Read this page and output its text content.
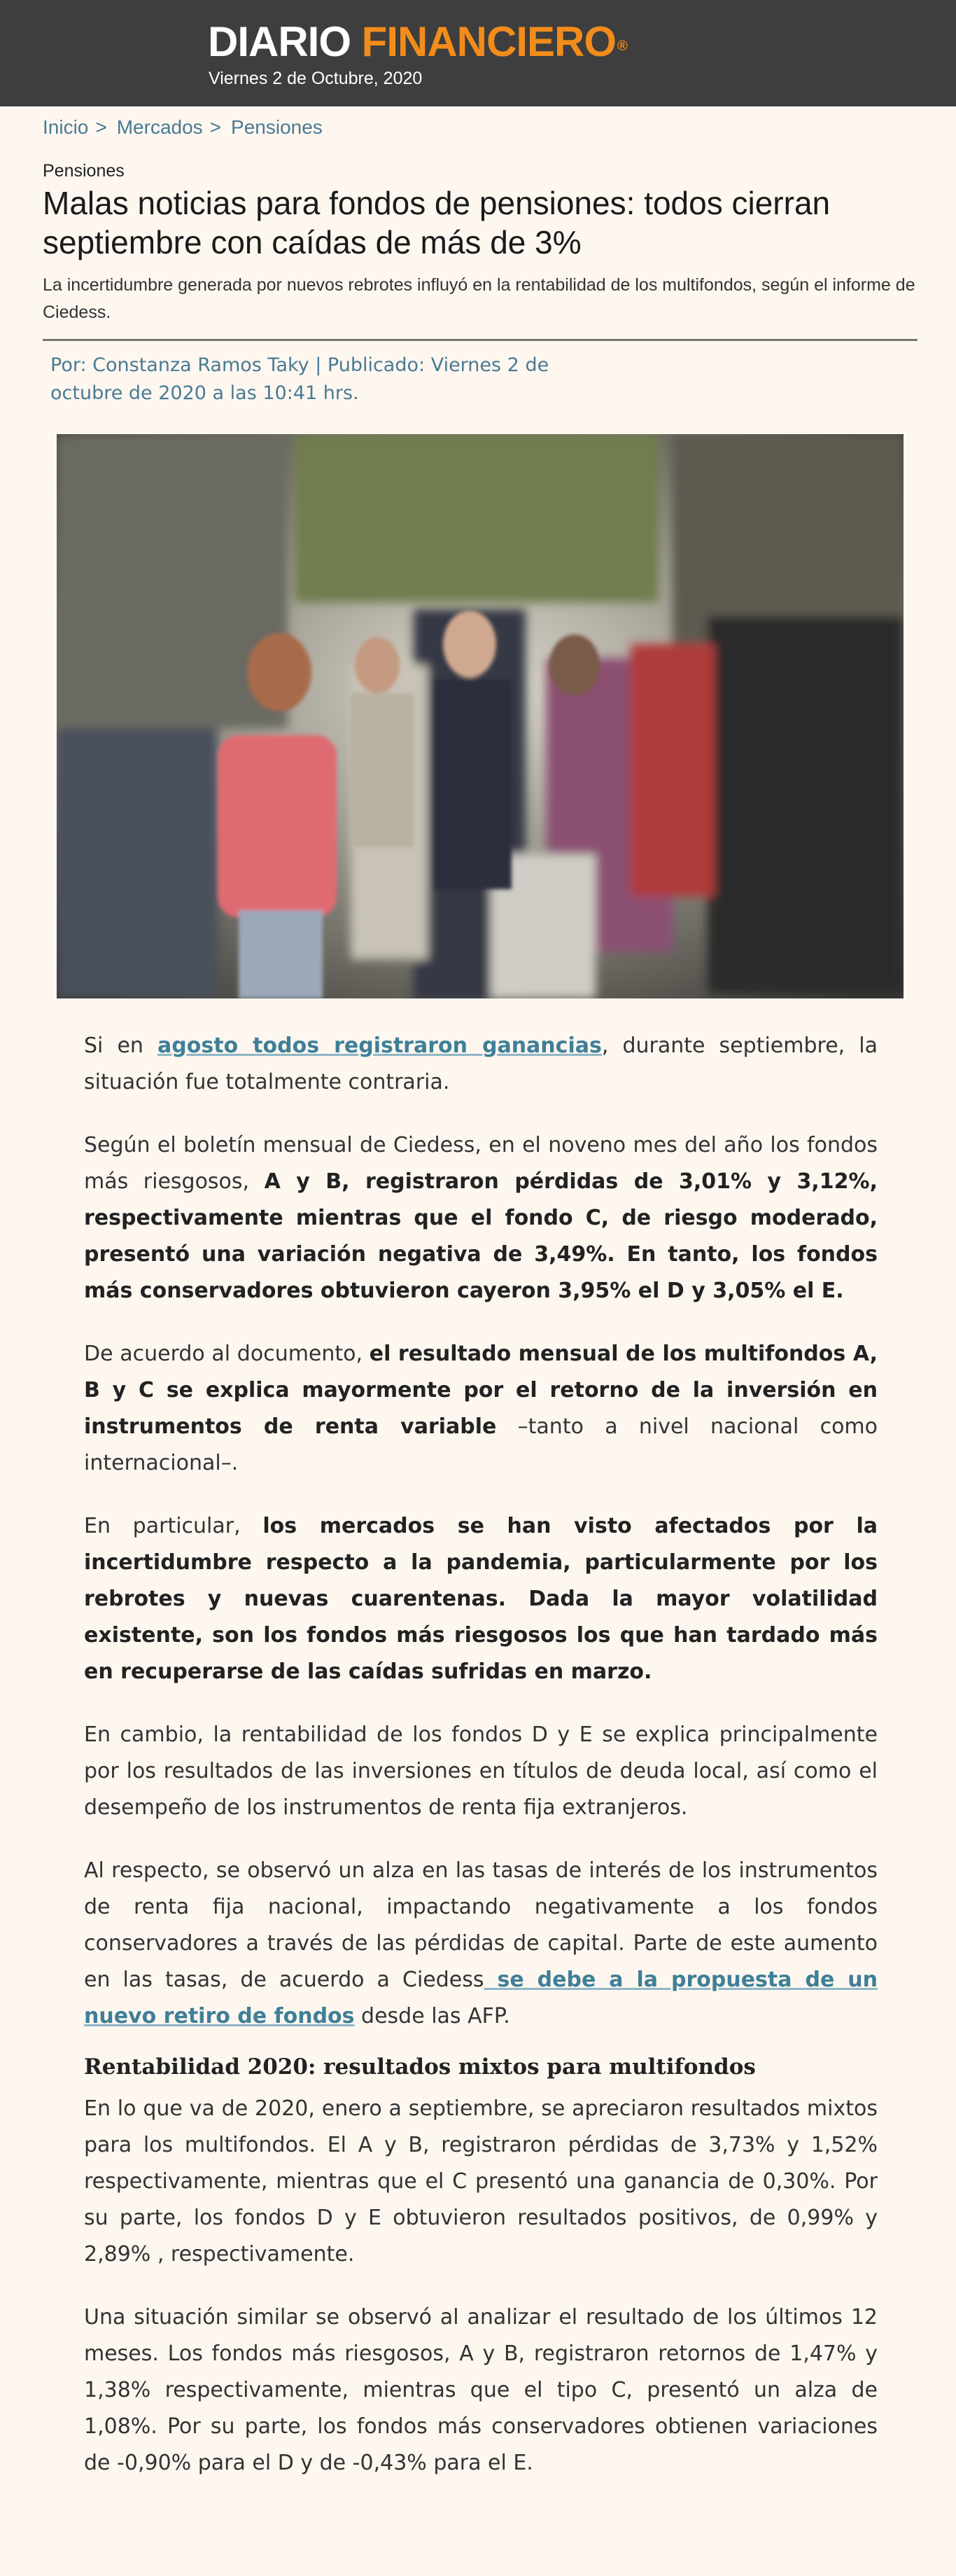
DIARIO FINANCIERO ®
Viernes 2 de Octubre, 2020
Inicio > Mercados > Pensiones
Pensiones
Malas noticias para fondos de pensiones: todos cierran septiembre con caídas de más de 3%
La incertidumbre generada por nuevos rebrotes influyó en la rentabilidad de los multifondos, según el informe de Ciedess.
Por: Constanza Ramos Taky | Publicado: Viernes 2 de octubre de 2020 a las 10:41 hrs.

Si en agosto todos registraron ganancias, durante septiembre, la situación fue totalmente contraria.

Según el boletín mensual de Ciedess, en el noveno mes del año los fondos más riesgosos, A y B, registraron pérdidas de 3,01% y 3,12%, respectivamente mientras que el fondo C, de riesgo moderado, presentó una variación negativa de 3,49%. En tanto, los fondos más conservadores obtuvieron cayeron 3,95% el D y 3,05% el E.

De acuerdo al documento, el resultado mensual de los multifondos A, B y C se explica mayormente por el retorno de la inversión en instrumentos de renta variable –tanto a nivel nacional como internacional–.

En particular, los mercados se han visto afectados por la incertidumbre respecto a la pandemia, particularmente por los rebrotes y nuevas cuarentenas. Dada la mayor volatilidad existente, son los fondos más riesgosos los que han tardado más en recuperarse de las caídas sufridas en marzo.

En cambio, la rentabilidad de los fondos D y E se explica principalmente por los resultados de las inversiones en títulos de deuda local, así como el desempeño de los instrumentos de renta fija extranjeros.

Al respecto, se observó un alza en las tasas de interés de los instrumentos de renta fija nacional, impactando negativamente a los fondos conservadores a través de las pérdidas de capital. Parte de este aumento en las tasas, de acuerdo a Ciedess se debe a la propuesta de un nuevo retiro de fondos desde las AFP.

Rentabilidad 2020: resultados mixtos para multifondos

En lo que va de 2020, enero a septiembre, se apreciaron resultados mixtos para los multifondos. El A y B, registraron pérdidas de 3,73% y 1,52% respectivamente, mientras que el C presentó una ganancia de 0,30%. Por su parte, los fondos D y E obtuvieron resultados positivos, de 0,99% y 2,89% , respectivamente.

Una situación similar se observó al analizar el resultado de los últimos 12 meses. Los fondos más riesgosos, A y B, registraron retornos de 1,47% y 1,38% respectivamente, mientras que el tipo C, presentó un alza de 1,08%. Por su parte, los fondos más conservadores obtienen variaciones de -0,90% para el D y de -0,43% para el E.
